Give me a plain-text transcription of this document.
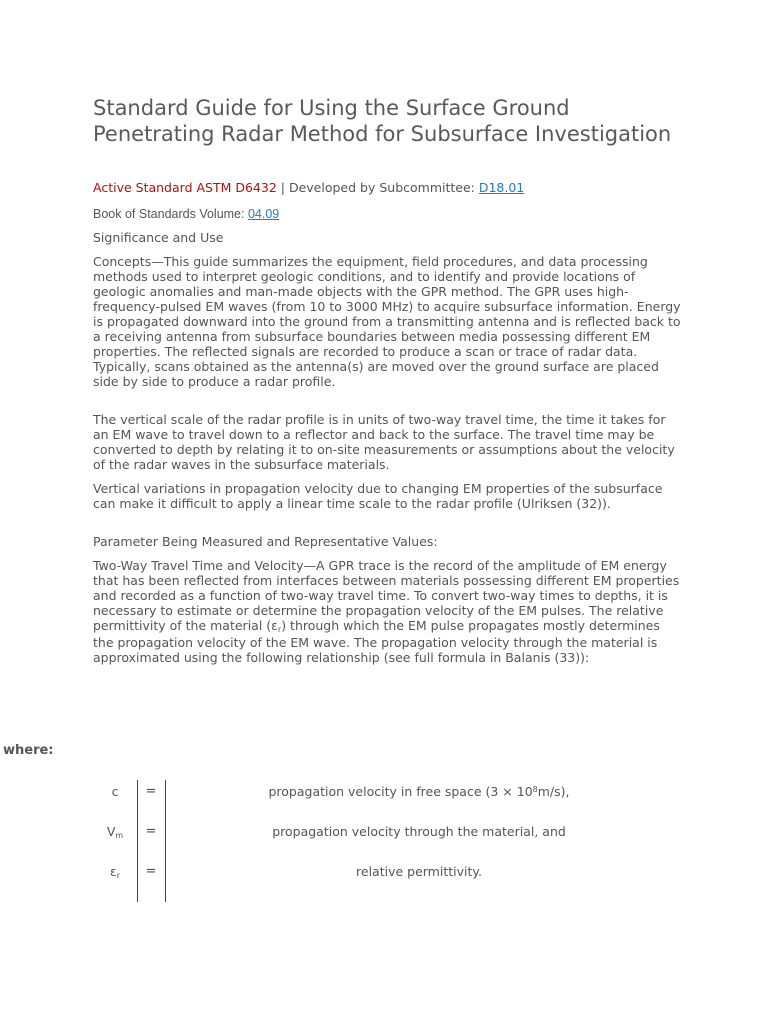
Standard Guide for Using the Surface Ground Penetrating Radar Method for Subsurface Investigation
Active Standard ASTM D6432 | Developed by Subcommittee: D18.01
Book of Standards Volume: 04.09

Significance and Use

Concepts—This guide summarizes the equipment, field procedures, and data processing methods used to interpret geologic conditions, and to identify and provide locations of geologic anomalies and man-made objects with the GPR method. The GPR uses high-frequency-pulsed EM waves (from 10 to 3000 MHz) to acquire subsurface information. Energy is propagated downward into the ground from a transmitting antenna and is reflected back to a receiving antenna from subsurface boundaries between media possessing different EM properties. The reflected signals are recorded to produce a scan or trace of radar data. Typically, scans obtained as the antenna(s) are moved over the ground surface are placed side by side to produce a radar profile.

The vertical scale of the radar profile is in units of two-way travel time, the time it takes for an EM wave to travel down to a reflector and back to the surface. The travel time may be converted to depth by relating it to on-site measurements or assumptions about the velocity of the radar waves in the subsurface materials.

Vertical variations in propagation velocity due to changing EM properties of the subsurface can make it difficult to apply a linear time scale to the radar profile (Ulriksen (32)).

Parameter Being Measured and Representative Values:

Two-Way Travel Time and Velocity—A GPR trace is the record of the amplitude of EM energy that has been reflected from interfaces between materials possessing different EM properties and recorded as a function of two-way travel time. To convert two-way times to depths, it is necessary to estimate or determine the propagation velocity of the EM pulses. The relative permittivity of the material $(\varepsilon_r)$ through which the EM pulse propagates mostly determines the propagation velocity of the EM wave. The propagation velocity through the material is approximated using the following relationship (see full formula in Balanis (33)):

where:
c	=	propagation velocity in free space $(3 \times 10^8m/s)$,
$V_m$	=	propagation velocity through the material, and
$\varepsilon_r$	=	relative permittivity.
